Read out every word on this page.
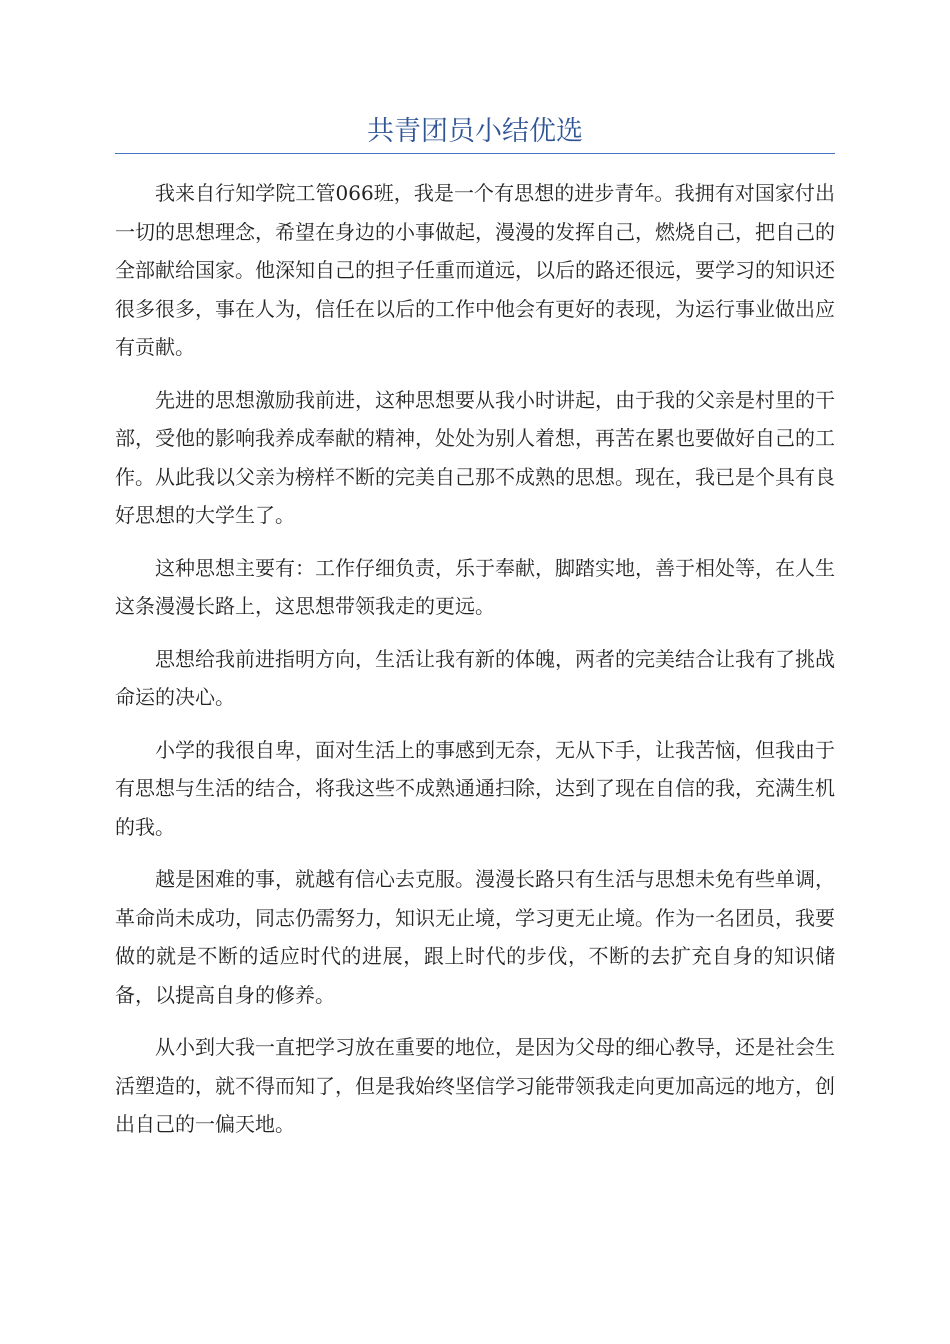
共青团员小结优选

我来自行知学院工管066班，我是一个有思想的进步青年。我拥有对国家付出一切的思想理念，希望在身边的小事做起，漫漫的发挥自己，燃烧自己，把自己的全部献给国家。他深知自己的担子任重而道远，以后的路还很远，要学习的知识还很多很多，事在人为，信任在以后的工作中他会有更好的表现，为运行事业做出应有贡献。

先进的思想激励我前进，这种思想要从我小时讲起，由于我的父亲是村里的干部，受他的影响我养成奉献的精神，处处为别人着想，再苦在累也要做好自己的工作。从此我以父亲为榜样不断的完美自己那不成熟的思想。现在，我已是个具有良好思想的大学生了。

这种思想主要有：工作仔细负责，乐于奉献，脚踏实地，善于相处等，在人生这条漫漫长路上，这思想带领我走的更远。

思想给我前进指明方向，生活让我有新的体魄，两者的完美结合让我有了挑战命运的决心。

小学的我很自卑，面对生活上的事感到无奈，无从下手，让我苦恼，但我由于有思想与生活的结合，将我这些不成熟通通扫除，达到了现在自信的我，充满生机的我。

越是困难的事，就越有信心去克服。漫漫长路只有生活与思想未免有些单调，革命尚未成功，同志仍需努力，知识无止境，学习更无止境。作为一名团员，我要做的就是不断的适应时代的进展，跟上时代的步伐，不断的去扩充自身的知识储备，以提高自身的修养。

从小到大我一直把学习放在重要的地位，是因为父母的细心教导，还是社会生活塑造的，就不得而知了，但是我始终坚信学习能带领我走向更加高远的地方，创出自己的一偏天地。
